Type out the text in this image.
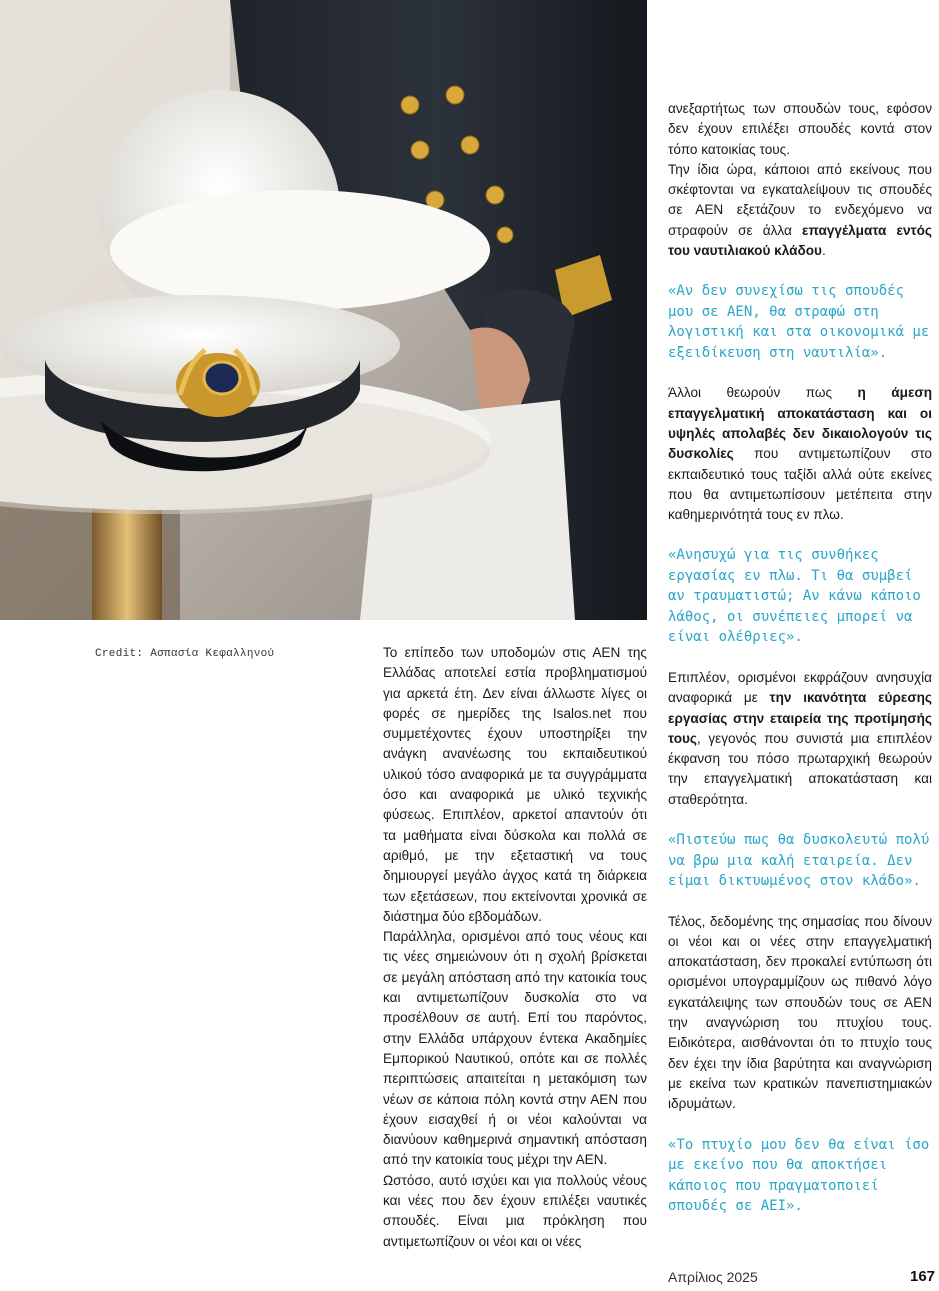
Credit: Ασπασία Κεφαλληνού	Το επίπεδο των υποδομών στις ΑΕΝ της Ελλάδας αποτελεί εστία προβληματισμού για αρκετά έτη. Δεν είναι άλλωστε λίγες οι φορές σε ημερίδες της Isalos.net που συμμετέχοντες έχουν υποστηρίξει την ανάγκη ανανέωσης του εκπαιδευτικού υλικού τόσο αναφορικά με τα συγγράμματα όσο και αναφορικά με υλικό τεχνικής φύσεως. Επιπλέον, αρκετοί απαντούν ότι τα μαθήματα είναι δύσκολα και πολλά σε αριθμό, με την εξεταστική να τους δημιουργεί μεγάλο άγχος κατά τη διάρκεια των εξετάσεων, που εκτείνονται χρονικά σε διάστημα δύο εβδομάδων.

Παράλληλα, ορισμένοι από τους νέους και τις νέες σημειώνουν ότι η σχολή βρίσκεται σε μεγάλη απόσταση από την κατοικία τους και αντιμετωπίζουν δυσκολία στο να προσέλθουν σε αυτή. Επί του παρόντος, στην Ελλάδα υπάρχουν έντεκα Ακαδημίες Εμπορικού Ναυτικού, οπότε και σε πολλές περιπτώσεις απαιτείται η μετακόμιση των νέων σε κάποια πόλη κοντά στην ΑΕΝ που έχουν εισαχθεί ή οι νέοι καλούνται να διανύουν καθημερινά σημαντική απόσταση από την κατοικία τους μέχρι την ΑΕΝ.

Ωστόσο, αυτό ισχύει και για πολλούς νέους και νέες που δεν έχουν επιλέξει ναυτικές σπουδές. Είναι μια πρόκληση που αντιμετωπίζουν οι νέοι και οι νέες

ανεξαρτήτως των σπουδών τους, εφόσον δεν έχουν επιλέξει σπουδές κοντά στον τόπο κατοικίας τους.

Την ίδια ώρα, κάποιοι από εκείνους που σκέφτονται να εγκαταλείψουν τις σπουδές σε ΑΕΝ εξετάζουν το ενδεχόμενο να στραφούν σε άλλα επαγγέλματα εντός του ναυτιλιακού κλάδου.

«Αν δεν συνεχίσω τις σπουδές μου σε ΑΕΝ, θα στραφώ στη λογιστική και στα οικονομικά με εξειδίκευση στη ναυτιλία».

Άλλοι θεωρούν πως η άμεση επαγγελματική αποκατάσταση και οι υψηλές απολαβές δεν δικαιολογούν τις δυσκολίες που αντιμετωπίζουν στο εκπαιδευτικό τους ταξίδι αλλά ούτε εκείνες που θα αντιμετωπίσουν μετέπειτα στην καθημερινότητά τους εν πλω.

«Ανησυχώ για τις συνθήκες εργασίας εν πλω. Τι θα συμβεί αν τραυματιστώ; Αν κάνω κάποιο λάθος, οι συνέπειες μπορεί να είναι ολέθριες».

Επιπλέον, ορισμένοι εκφράζουν ανησυχία αναφορικά με την ικανότητα εύρεσης εργασίας στην εταιρεία της προτίμησής τους, γεγονός που συνιστά μια επιπλέον έκφανση του πόσο πρωταρχική θεωρούν την επαγγελματική αποκατάσταση και σταθερότητα.

«Πιστεύω πως θα δυσκολευτώ πολύ να βρω μια καλή εταιρεία. Δεν είμαι δικτυωμένος στον κλάδο».

Τέλος, δεδομένης της σημασίας που δίνουν οι νέοι και οι νέες στην επαγγελματική αποκατάσταση, δεν προκαλεί εντύπωση ότι ορισμένοι υπογραμμίζουν ως πιθανό λόγο εγκατάλειψης των σπουδών τους σε ΑΕΝ την αναγνώριση του πτυχίου τους. Ειδικότερα, αισθάνονται ότι το πτυχίο τους δεν έχει την ίδια βαρύτητα και αναγνώριση με εκείνα των κρατικών πανεπιστημιακών ιδρυμάτων.

«Το πτυχίο μου δεν θα είναι ίσο με εκείνο που θα αποκτήσει κάποιος που πραγματοποιεί σπουδές σε ΑΕΙ».
Απρίλιος 2025	167
